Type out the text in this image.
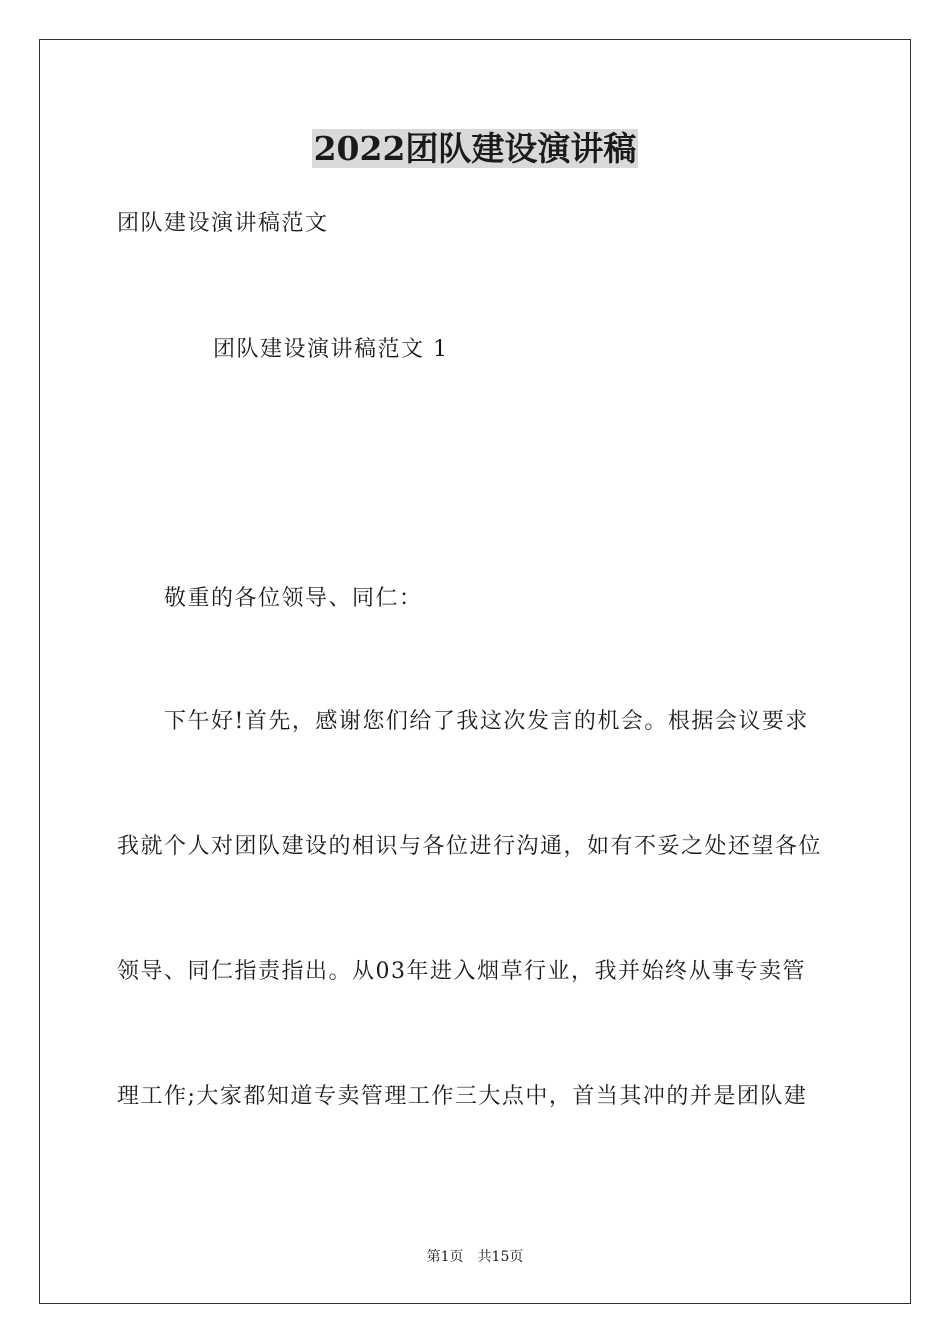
2022团队建设演讲稿
团队建设演讲稿范文
团队建设演讲稿范文 1
敬重的各位领导、同仁：
下午好!首先，感谢您们给了我这次发言的机会。根据会议要求
我就个人对团队建设的相识与各位进行沟通，如有不妥之处还望各位
领导、同仁指责指出。从03年进入烟草行业，我并始终从事专卖管
理工作;大家都知道专卖管理工作三大点中，首当其冲的并是团队建
第1页 共15页
